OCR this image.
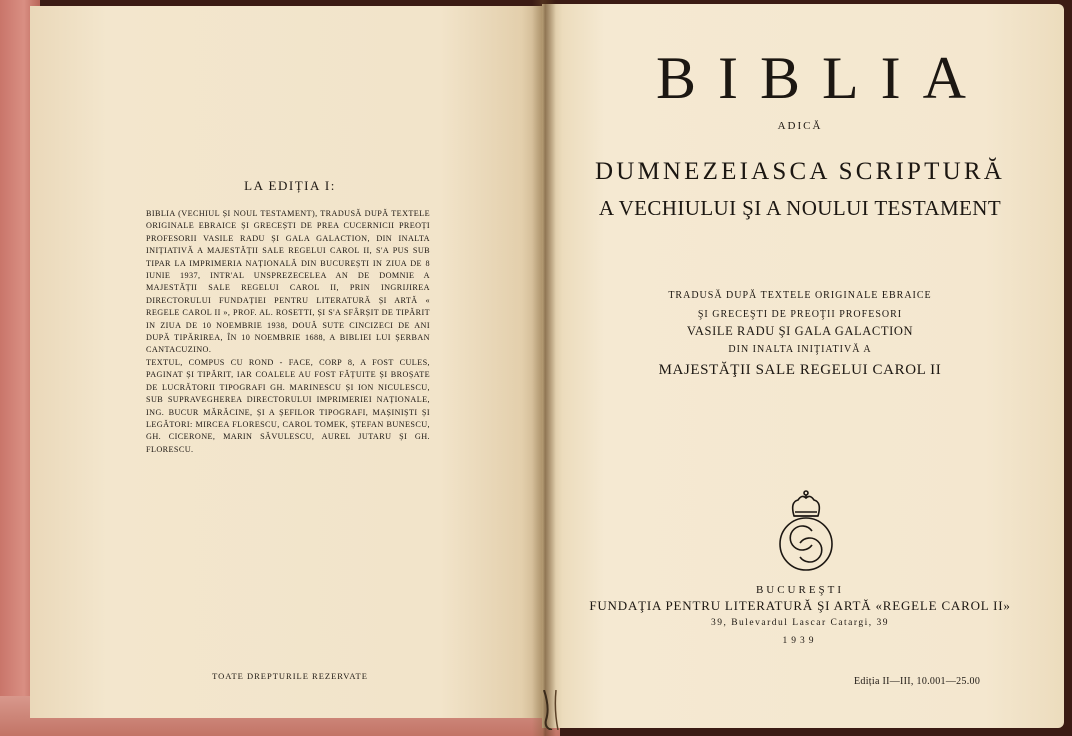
LA EDIȚIA I:

BIBLIA (VECHIUL ȘI NOUL TESTAMENT), TRADUSĂ DUPĂ TEXTELE ORIGINALE EBRAICE ȘI GRECEȘTI DE PREA CUCERNICII PREOȚI PROFESORII VASILE RADU ȘI GALA GALACTION, DIN INALTA INIȚIATIVĂ A MAJESTĂȚII SALE REGELUI CAROL II, S'A PUS SUB TIPAR LA IMPRIMERIA NAȚIONALĂ DIN BUCUREȘTI IN ZIUA DE 8 IUNIE 1937, INTR'AL UNSPREZECELEA AN DE DOMNIE A MAJESTĂȚII SALE REGELUI CAROL II, PRIN INGRIJIREA DIRECTORULUI FUNDAȚIEI PENTRU LITERATURĂ ȘI ARTĂ « REGELE CAROL II », PROF. AL. ROSETTI, ȘI S'A SFÂRȘIT DE TIPĂRIT IN ZIUA DE 10 NOEMBRIE 1938, DOUĂ SUTE CINCIZECI DE ANI DUPĂ TIPĂRIREA, ÎN 10 NOEMBRIE 1688, A BIBLIEI LUI ȘERBAN CANTACUZINO.

TEXTUL, COMPUS CU ROND - FACE, CORP 8, A FOST CULES, PAGINAT ȘI TIPĂRIT, IAR COALELE AU FOST FĂȚUITE ȘI BROȘATE DE LUCRĂTORII TIPOGRAFI GH. MARINESCU ȘI ION NICULESCU, SUB SUPRAVEGHEREA DIRECTORULUI IMPRIMERIEI NAȚIONALE, ING. BUCUR MĂRĂCINE, ȘI A ȘEFILOR TIPOGRAFI, MAȘINIȘTI ȘI LEGĂTORI: MIRCEA FLORESCU, CAROL TOMEK, ȘTEFAN BUNESCU, GH. CICERONE, MARIN SĂVULESCU, AUREL JUTARU ȘI GH. FLORESCU.

TOATE DREPTURILE REZERVATE
BIBLIA
ADICĂ
DUMNEZEIASCA SCRIPTURĂ
A VECHIULUI ŞI A NOULUI TESTAMENT
TRADUSĂ DUPĂ TEXTELE ORIGINALE EBRAICE
ŞI GRECEŞTI DE PREOŢII PROFESORI
VASILE RADU ŞI GALA GALACTION
DIN INALTA INIŢIATIVĂ A
MAJESTĂŢII SALE REGELUI CAROL II
BUCUREŞTI
FUNDAŢIA PENTRU LITERATURĂ ŞI ARTĂ «REGELE CAROL II»
39, Bulevardul Lascar Catargi, 39
1939
Ediția II—III, 10.001—25.00
